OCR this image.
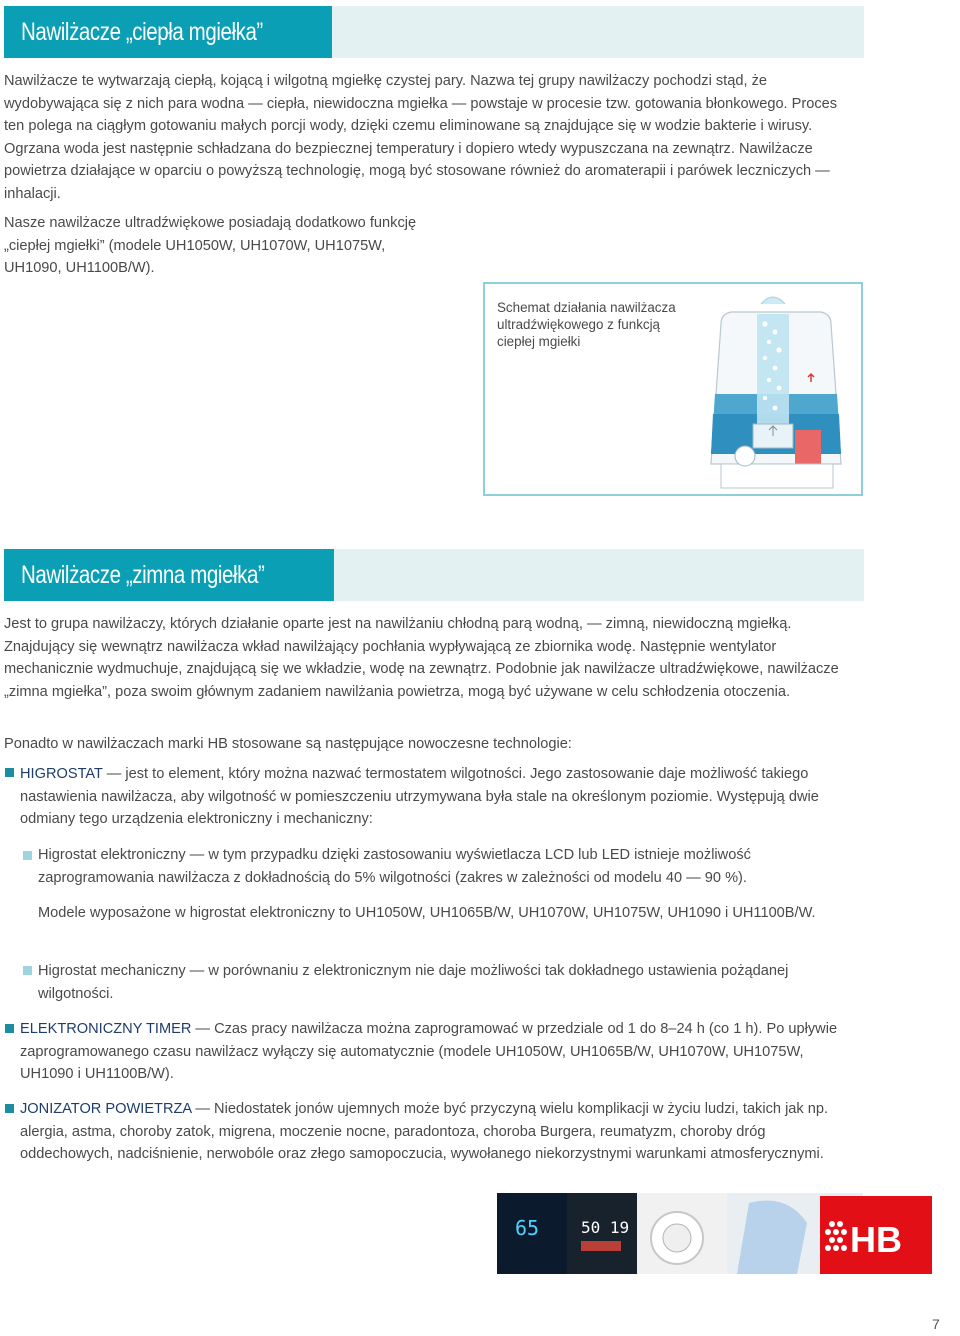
Nawilżacze „ciepła mgiełka”

Nawilżacze te wytwarzają ciepłą, kojącą i wilgotną mgiełkę czystej pary. Nazwa tej grupy nawilżaczy pochodzi stąd, że wydobywająca się z nich para wodna — ciepła, niewidoczna mgiełka — powstaje w procesie tzw. gotowania błonkowego. Proces ten polega na ciągłym gotowaniu małych porcji wody, dzięki czemu eliminowane są znajdujące się w wodzie bakterie i wirusy. Ogrzana woda jest następnie schładzana do bezpiecznej temperatury i dopiero wtedy wypuszczana na zewnątrz. Nawilżacze powietrza działające w oparciu o powyższą technologię, mogą być stosowane również do aromaterapii i parówek leczniczych — inhalacji.

Nasze nawilżacze ultradźwiękowe posiadają dodatkowo funkcję „ciepłej mgiełki” (modele UH1050W, UH1070W, UH1075W, UH1090, UH1100B/W).

Schemat działania nawilżacza ultradźwiękowego z funkcją ciepłej mgiełki

Nawilżacze „zimna mgiełka”

Jest to grupa nawilżaczy, których działanie oparte jest na nawilżaniu chłodną parą wodną, — zimną, niewidoczną mgiełką. Znajdujący się wewnątrz nawilżacza wkład nawilżający pochłania wypływającą ze zbiornika wodę. Następnie wentylator mechanicznie wydmuchuje, znajdującą się we wkładzie, wodę na zewnątrz. Podobnie jak nawilżacze ultradźwiękowe, nawilżacze „zimna mgiełka”, poza swoim głównym zadaniem nawilżania powietrza, mogą być używane w celu schłodzenia otoczenia.

Ponadto w nawilżaczach marki HB stosowane są następujące nowoczesne technologie:

HIGROSTAT — jest to element, który można nazwać termostatem wilgotności. Jego zastosowanie daje możliwość takiego nastawienia nawilżacza, aby wilgotność w pomieszczeniu utrzymywana była stale na określonym poziomie. Występują dwie odmiany tego urządzenia elektroniczny i mechaniczny:

Higrostat elektroniczny — w tym przypadku dzięki zastosowaniu wyświetlacza LCD lub LED istnieje możliwość zaprogramowania nawilżacza z dokładnością do 5% wilgotności (zakres w zależności od modelu 40 — 90 %).

Modele wyposażone w higrostat elektroniczny to UH1050W, UH1065B/W, UH1070W, UH1075W, UH1090 i UH1100B/W.

Higrostat mechaniczny — w porównaniu z elektronicznym nie daje możliwości tak dokładnego ustawienia pożądanej wilgotności.

ELEKTRONICZNY TIMER — Czas pracy nawilżacza można zaprogramować w przedziale od 1 do 8–24 h (co 1 h). Po upływie zaprogramowanego czasu nawilżacz wyłączy się automatycznie (modele UH1050W, UH1065B/W, UH1070W, UH1075W, UH1090 i UH1100B/W).

JONIZATOR POWIETRZA — Niedostatek jonów ujemnych może być przyczyną wielu komplikacji w życiu ludzi, takich jak np. alergia, astma, choroby zatok, migrena, moczenie nocne, paradontoza, choroba Burgera, reumatyzm, choroby dróg oddechowych, nadciśnienie, nerwobóle oraz złego samopoczucia, wywołanego niekorzystnymi warunkami atmosferycznymi.

65	50 19	HB
7
